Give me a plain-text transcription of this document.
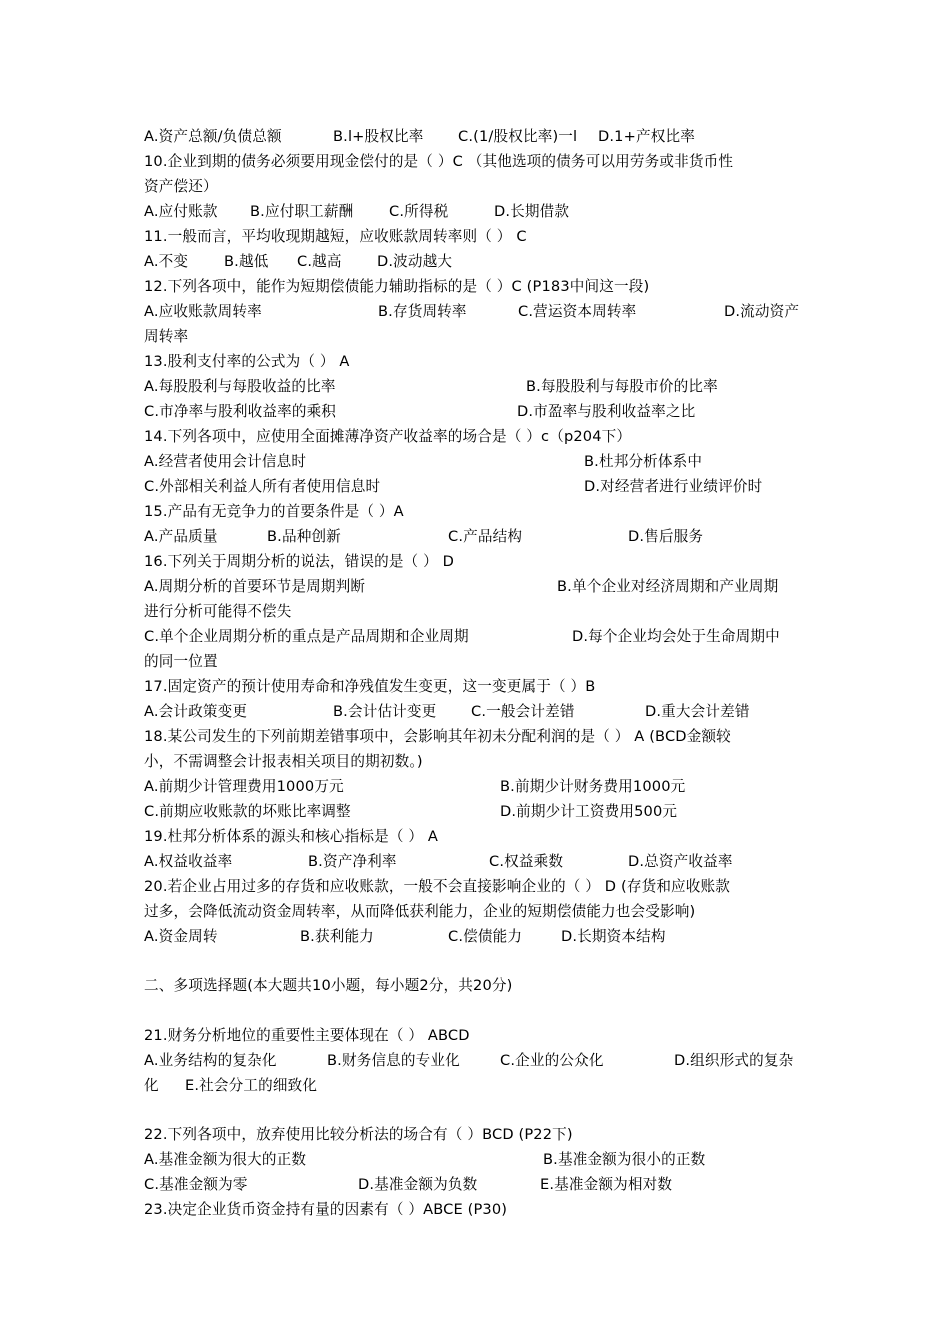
A.资产总额/负债总额	B.l+股权比率 C.(1/股权比率)一l D.1+产权比率
10.企业到期的债务必须要用现金偿付的是（ ）C （其他选项的债务可以用劳务或非货币性
资产偿还）
A.应付账款 B.应付职工薪酬 C.所得税	D.长期借款
11.一般而言，平均收现期越短，应收账款周转率则（ ） C
A.不变 B.越低 C.越高 D.波动越大
12.下列各项中，能作为短期偿债能力辅助指标的是（ ）C (P183中间这一段)
A.应收账款周转率	B.存货周转率	C.营运资本周转率	D.流动资产
周转率
13.股利支付率的公式为（ ） A
A.每股股利与每股收益的比率	B.每股股利与每股市价的比率
C.市净率与股利收益率的乘积	D.市盈率与股利收益率之比
14.下列各项中，应使用全面摊薄净资产收益率的场合是（ ）c（p204下）
A.经营者使用会计信息时	B.杜邦分析体系中
C.外部相关利益人所有者使用信息时	D.对经营者进行业绩评价时
15.产品有无竞争力的首要条件是（ ）A
A.产品质量	B.品种创新	C.产品结构	D.售后服务
16.下列关于周期分析的说法，错误的是（ ） D
A.周期分析的首要环节是周期判断	B.单个企业对经济周期和产业周期
进行分析可能得不偿失
C.单个企业周期分析的重点是产品周期和企业周期	D.每个企业均会处于生命周期中
的同一位置
17.固定资产的预计使用寿命和净残值发生变更，这一变更属于（ ）B
A.会计政策变更	B.会计估计变更 C.一般会计差错	D.重大会计差错
18.某公司发生的下列前期差错事项中，会影响其年初未分配利润的是（ ） A (BCD金额较
小，不需调整会计报表相关项目的期初数。)
A.前期少计管理费用1000万元	B.前期少计财务费用1000元
C.前期应收账款的坏账比率调整	D.前期少计工资费用500元
19.杜邦分析体系的源头和核心指标是（ ） A
A.权益收益率	B.资产净利率	C.权益乘数	D.总资产收益率
20.若企业占用过多的存货和应收账款，一般不会直接影响企业的（ ） D (存货和应收账款
过多，会降低流动资金周转率，从而降低获利能力，企业的短期偿债能力也会受影响)
A.资金周转	B.获利能力	C.偿债能力	D.长期资本结构
二、多项选择题(本大题共10小题，每小题2分，共20分)
21.财务分析地位的重要性主要体现在（ ） ABCD
A.业务结构的复杂化	B.财务信息的专业化	C.企业的公众化	D.组织形式的复杂
化 E.社会分工的细致化
22.下列各项中，放弃使用比较分析法的场合有（ ）BCD (P22下)
A.基准金额为很大的正数	B.基准金额为很小的正数
C.基准金额为零	D.基准金额为负数	E.基准金额为相对数
23.决定企业货币资金持有量的因素有（ ）ABCE (P30)
